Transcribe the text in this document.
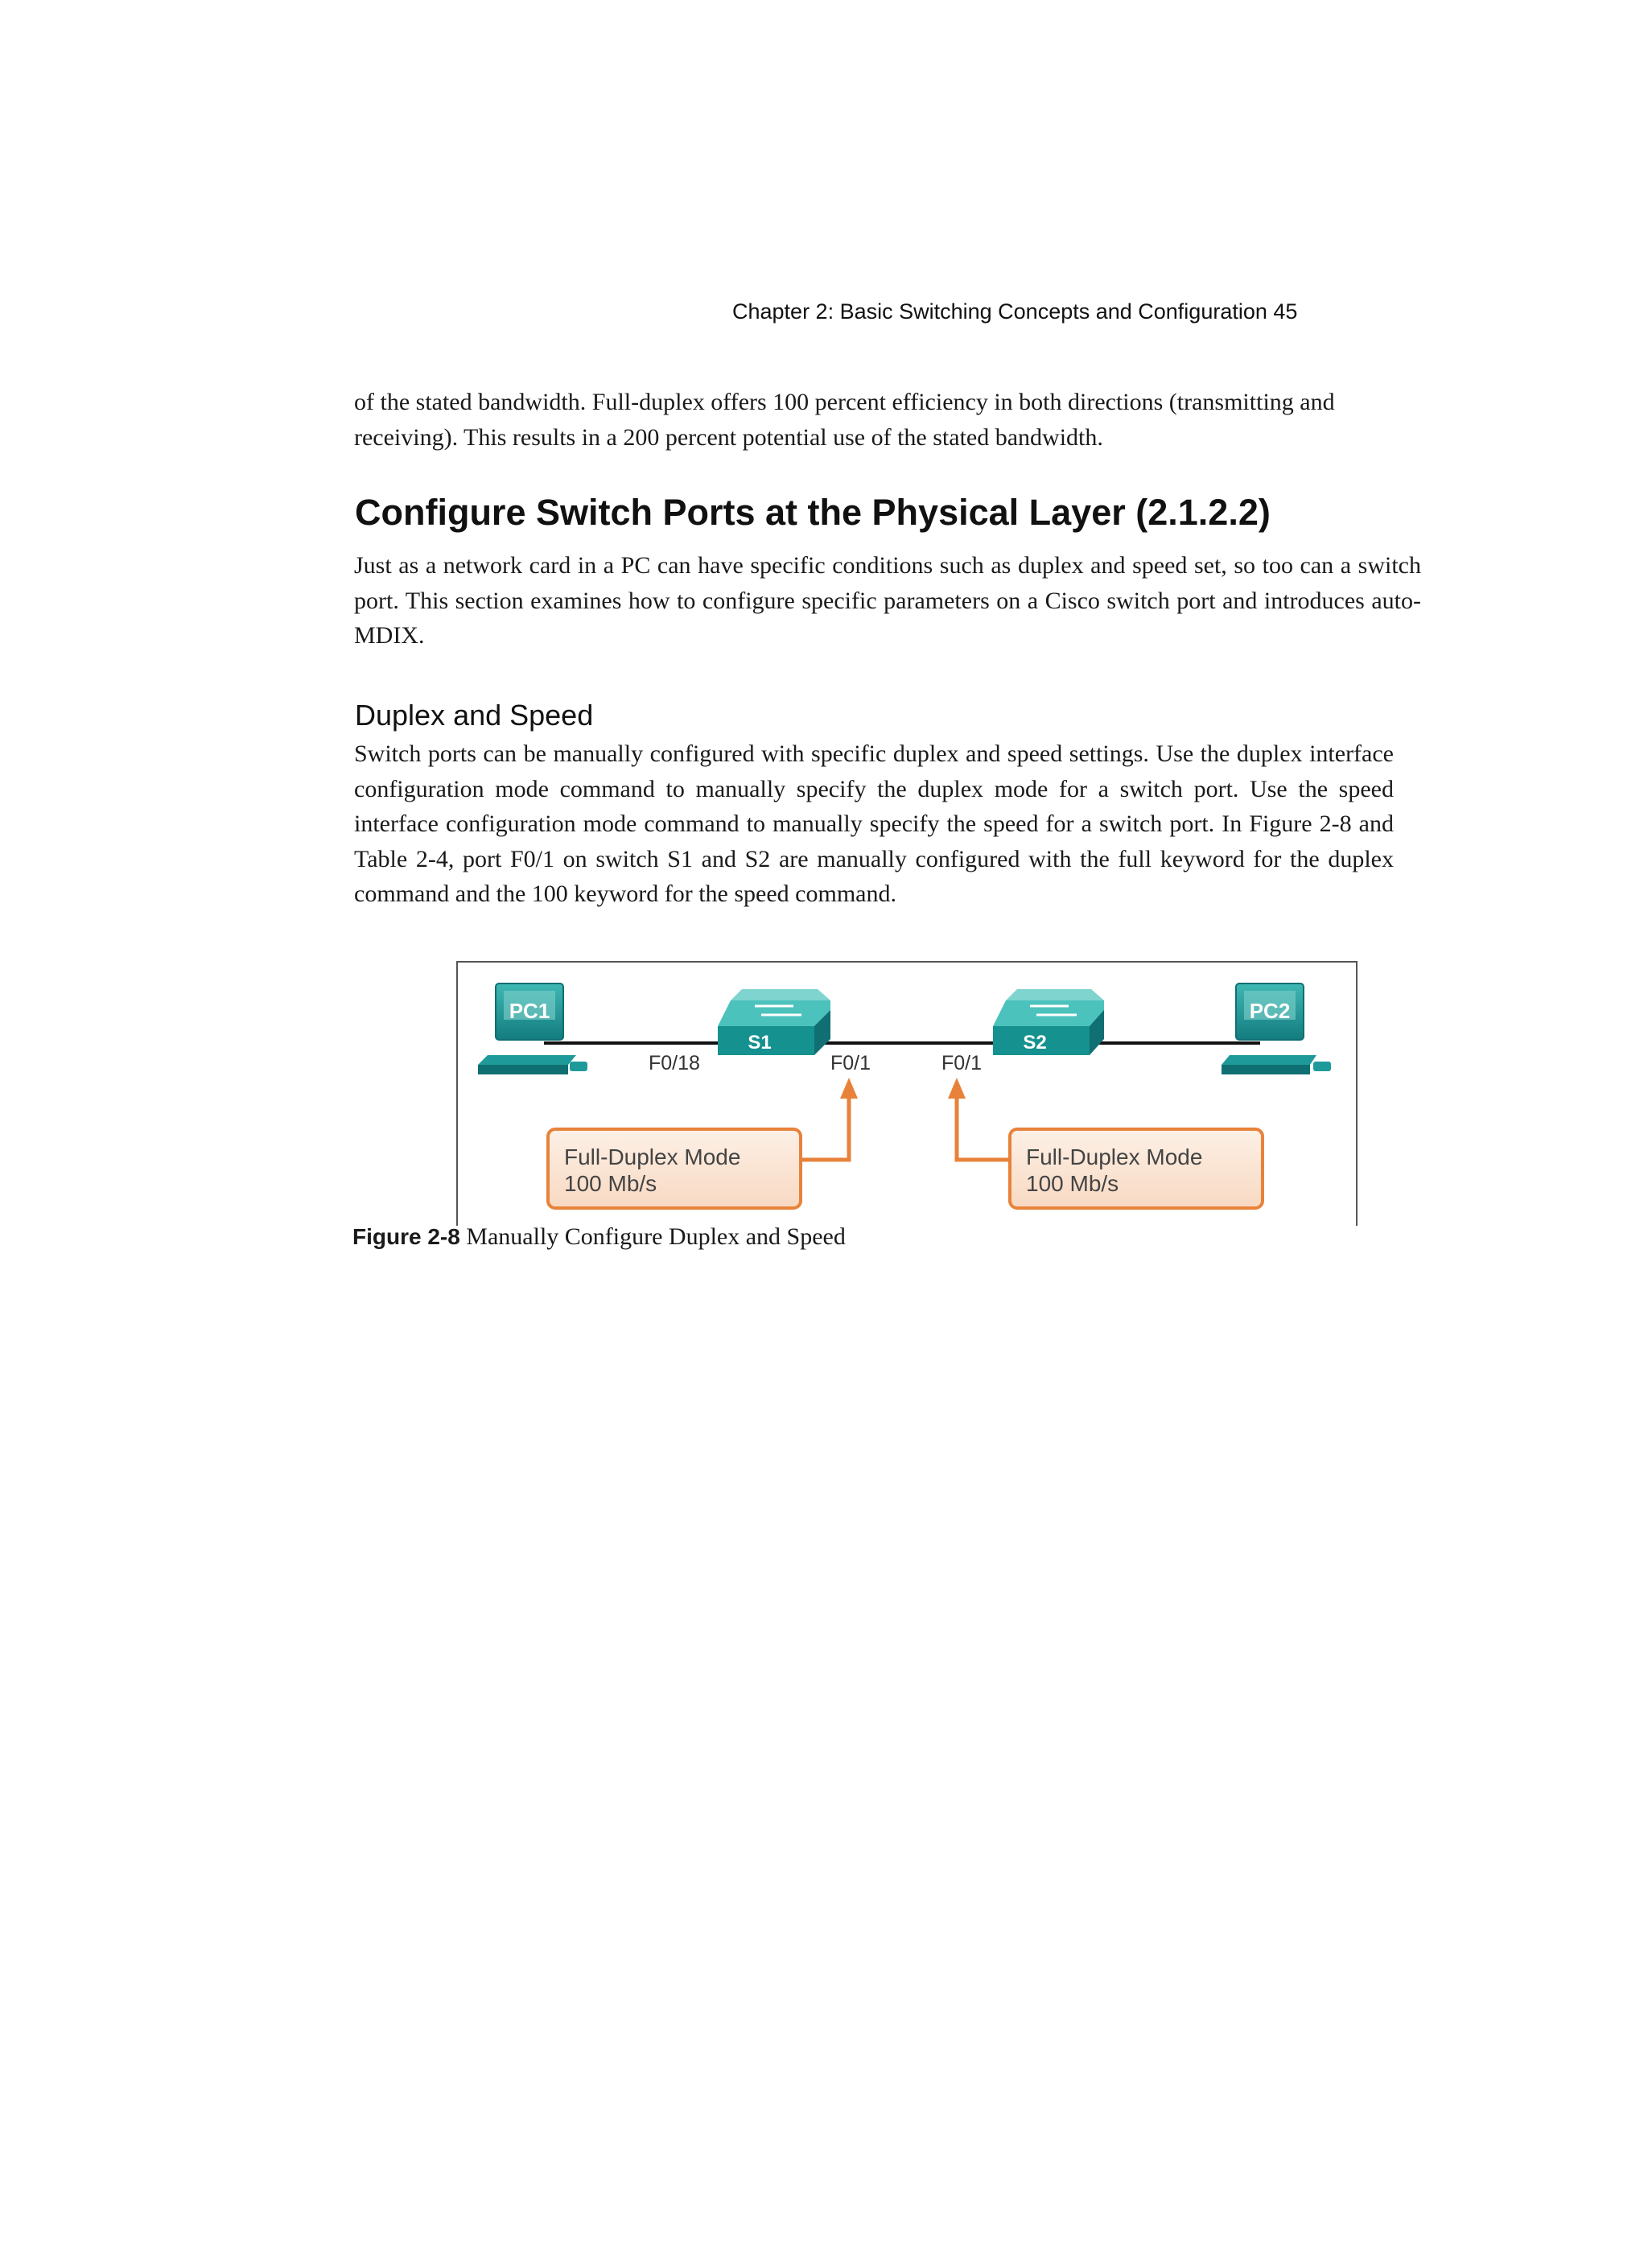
Chapter 2: Basic Switching Concepts and Configuration 45

of the stated bandwidth. Full-duplex offers 100 percent efficiency in both directions (transmitting and receiving). This results in a 200 percent potential use of the stated bandwidth.

Configure Switch Ports at the Physical Layer (2.1.2.2)

Just as a network card in a PC can have specific conditions such as duplex and speed set, so too can a switch port. This section examines how to configure specific parameters on a Cisco switch port and introduces auto-MDIX.

Duplex and Speed

Switch ports can be manually configured with specific duplex and speed settings. Use the duplex interface configuration mode command to manually specify the duplex mode for a switch port. Use the speed interface configuration mode command to manually specify the speed for a switch port. In Figure 2-8 and Table 2-4, port F0/1 on switch S1 and S2 are manually configured with the full keyword for the duplex command and the 100 keyword for the speed command.

PC1	PC2
S1	S2
F0/18	F0/1	F0/1
Full-Duplex Mode
100 Mb/s
Full-Duplex Mode
100 Mb/s
Figure 2-8 Manually Configure Duplex and Speed
